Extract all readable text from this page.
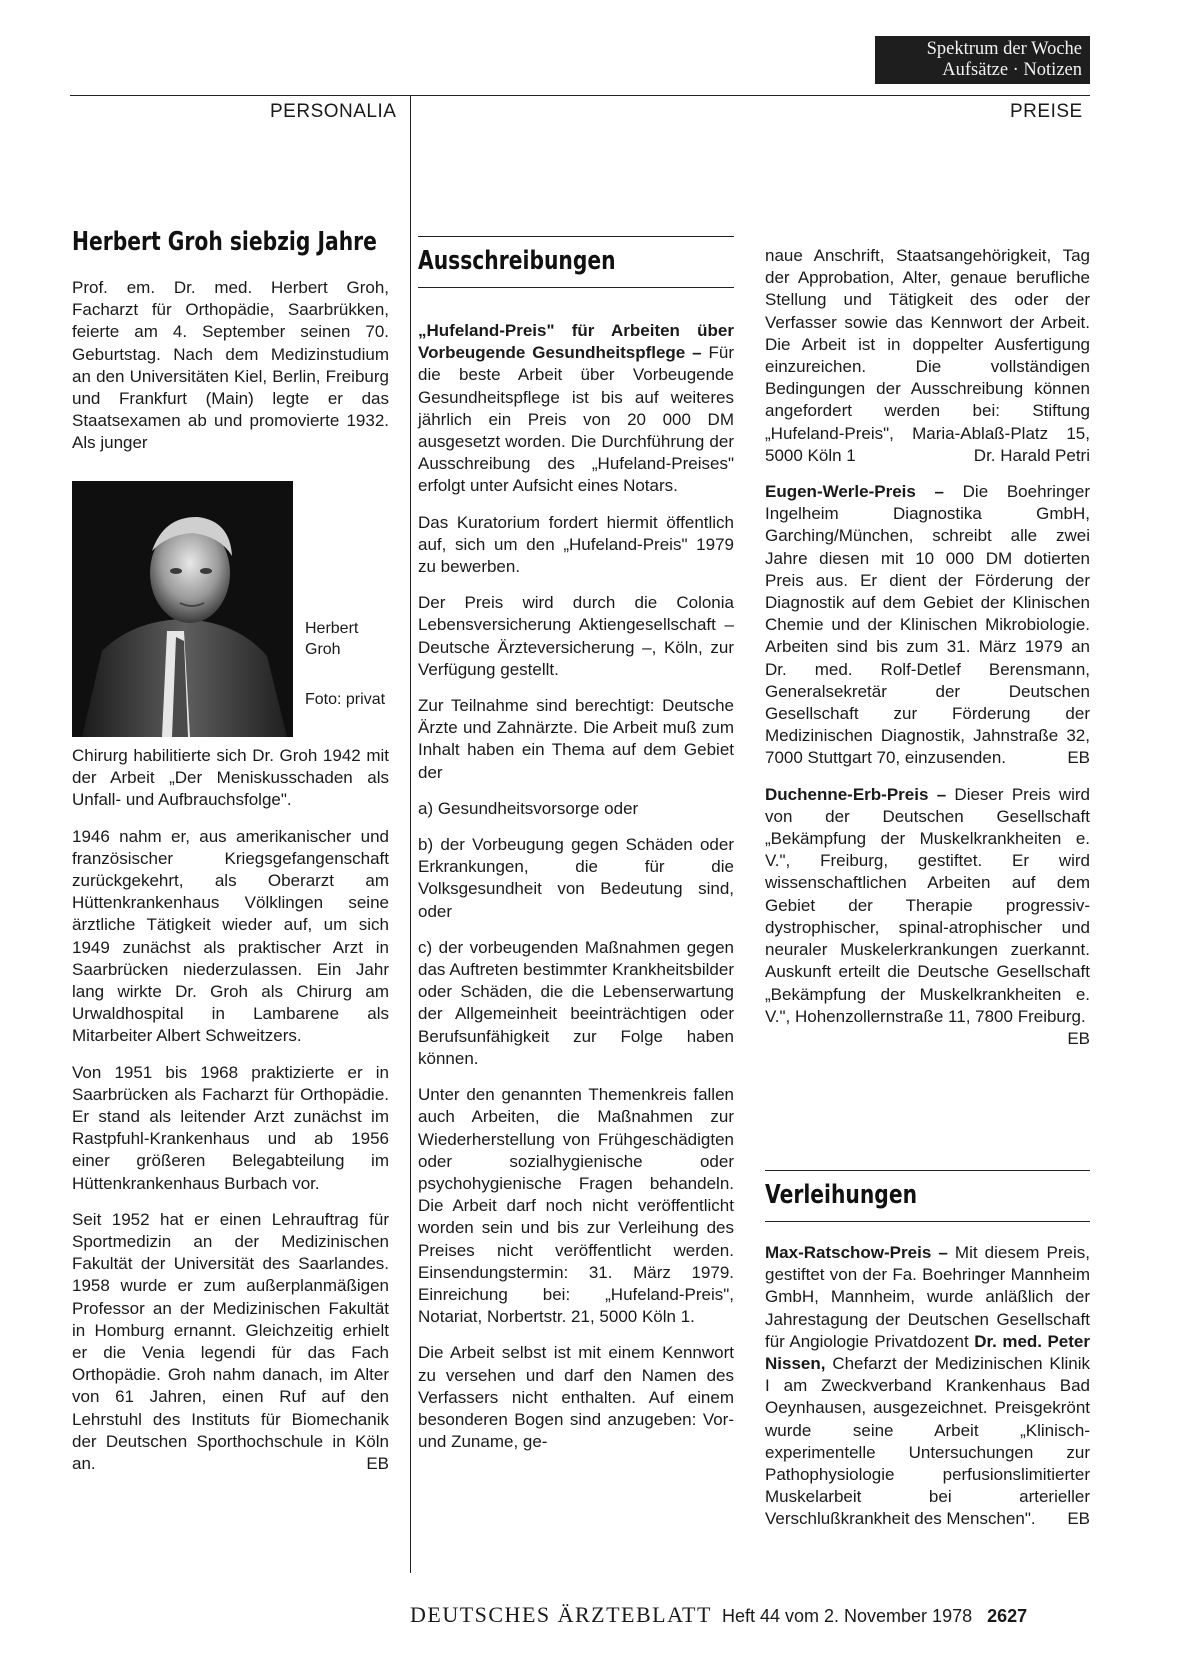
Spektrum der Woche
Aufsätze · Notizen
PERSONALIA	PREISE
Herbert Groh siebzig Jahre

Prof. em. Dr. med. Herbert Groh, Facharzt für Orthopädie, Saarbrükken, feierte am 4. September seinen 70. Geburtstag. Nach dem Medizinstudium an den Universitäten Kiel, Berlin, Freiburg und Frankfurt (Main) legte er das Staatsexamen ab und promovierte 1932. Als junger

Herbert
Groh
Foto: privat

Chirurg habilitierte sich Dr. Groh 1942 mit der Arbeit „Der Meniskusschaden als Unfall- und Aufbrauchsfolge".

1946 nahm er, aus amerikanischer und französischer Kriegsgefangenschaft zurückgekehrt, als Oberarzt am Hüttenkrankenhaus Völklingen seine ärztliche Tätigkeit wieder auf, um sich 1949 zunächst als praktischer Arzt in Saarbrücken niederzulassen. Ein Jahr lang wirkte Dr. Groh als Chirurg am Urwaldhospital in Lambarene als Mitarbeiter Albert Schweitzers.

Von 1951 bis 1968 praktizierte er in Saarbrücken als Facharzt für Orthopädie. Er stand als leitender Arzt zunächst im Rastpfuhl-Krankenhaus und ab 1956 einer größeren Belegabteilung im Hüttenkrankenhaus Burbach vor.

Seit 1952 hat er einen Lehrauftrag für Sportmedizin an der Medizinischen Fakultät der Universität des Saarlandes. 1958 wurde er zum außerplanmäßigen Professor an der Medizinischen Fakultät in Homburg ernannt. Gleichzeitig erhielt er die Venia legendi für das Fach Orthopädie. Groh nahm danach, im Alter von 61 Jahren, einen Ruf auf den Lehrstuhl des Instituts für Biomechanik der Deutschen Sporthochschule in Köln an.	EB

Ausschreibungen

„Hufeland-Preis" für Arbeiten über Vorbeugende Gesundheitspflege – Für die beste Arbeit über Vorbeugende Gesundheitspflege ist bis auf weiteres jährlich ein Preis von 20 000 DM ausgesetzt worden. Die Durchführung der Ausschreibung des „Hufeland-Preises" erfolgt unter Aufsicht eines Notars.

Das Kuratorium fordert hiermit öffentlich auf, sich um den „Hufeland-Preis" 1979 zu bewerben.

Der Preis wird durch die Colonia Lebensversicherung Aktiengesellschaft – Deutsche Ärzteversicherung –, Köln, zur Verfügung gestellt.

Zur Teilnahme sind berechtigt: Deutsche Ärzte und Zahnärzte. Die Arbeit muß zum Inhalt haben ein Thema auf dem Gebiet der

a) Gesundheitsvorsorge oder

b) der Vorbeugung gegen Schäden oder Erkrankungen, die für die Volksgesundheit von Bedeutung sind, oder

c) der vorbeugenden Maßnahmen gegen das Auftreten bestimmter Krankheitsbilder oder Schäden, die die Lebenserwartung der Allgemeinheit beeinträchtigen oder Berufsunfähigkeit zur Folge haben können.

Unter den genannten Themenkreis fallen auch Arbeiten, die Maßnahmen zur Wiederherstellung von Frühgeschädigten oder sozialhygienische oder psychohygienische Fragen behandeln. Die Arbeit darf noch nicht veröffentlicht worden sein und bis zur Verleihung des Preises nicht veröffentlicht werden. Einsendungstermin: 31. März 1979. Einreichung bei: „Hufeland-Preis", Notariat, Norbertstr. 21, 5000 Köln 1.

Die Arbeit selbst ist mit einem Kennwort zu versehen und darf den Namen des Verfassers nicht enthalten. Auf einem besonderen Bogen sind anzugeben: Vor- und Zuname, ge-

naue Anschrift, Staatsangehörigkeit, Tag der Approbation, Alter, genaue berufliche Stellung und Tätigkeit des oder der Verfasser sowie das Kennwort der Arbeit. Die Arbeit ist in doppelter Ausfertigung einzureichen. Die vollständigen Bedingungen der Ausschreibung können angefordert werden bei: Stiftung „Hufeland-Preis", Maria-Ablaß-Platz 15, 5000 Köln 1	Dr. Harald Petri

Eugen-Werle-Preis – Die Boehringer Ingelheim Diagnostika GmbH, Garching/München, schreibt alle zwei Jahre diesen mit 10 000 DM dotierten Preis aus. Er dient der Förderung der Diagnostik auf dem Gebiet der Klinischen Chemie und der Klinischen Mikrobiologie. Arbeiten sind bis zum 31. März 1979 an Dr. med. Rolf-Detlef Berensmann, Generalsekretär der Deutschen Gesellschaft zur Förderung der Medizinischen Diagnostik, Jahnstraße 32, 7000 Stuttgart 70, einzusenden.	EB

Duchenne-Erb-Preis – Dieser Preis wird von der Deutschen Gesellschaft „Bekämpfung der Muskelkrankheiten e. V.", Freiburg, gestiftet. Er wird wissenschaftlichen Arbeiten auf dem Gebiet der Therapie progressiv-dystrophischer, spinal-atrophischer und neuraler Muskelerkrankungen zuerkannt. Auskunft erteilt die Deutsche Gesellschaft „Bekämpfung der Muskelkrankheiten e. V.", Hohenzollernstraße 11, 7800 Freiburg.
EB

Verleihungen

Max-Ratschow-Preis – Mit diesem Preis, gestiftet von der Fa. Boehringer Mannheim GmbH, Mannheim, wurde anläßlich der Jahrestagung der Deutschen Gesellschaft für Angiologie Privatdozent Dr. med. Peter Nissen, Chefarzt der Medizinischen Klinik I am Zweckverband Krankenhaus Bad Oeynhausen, ausgezeichnet. Preisgekrönt wurde seine Arbeit „Klinisch-experimentelle Untersuchungen zur Pathophysiologie perfusionslimitierter Muskelarbeit bei arterieller Verschlußkrankheit des Menschen". EB

DEUTSCHES ÄRZTEBLATT Heft 44 vom 2. November 1978 2627
